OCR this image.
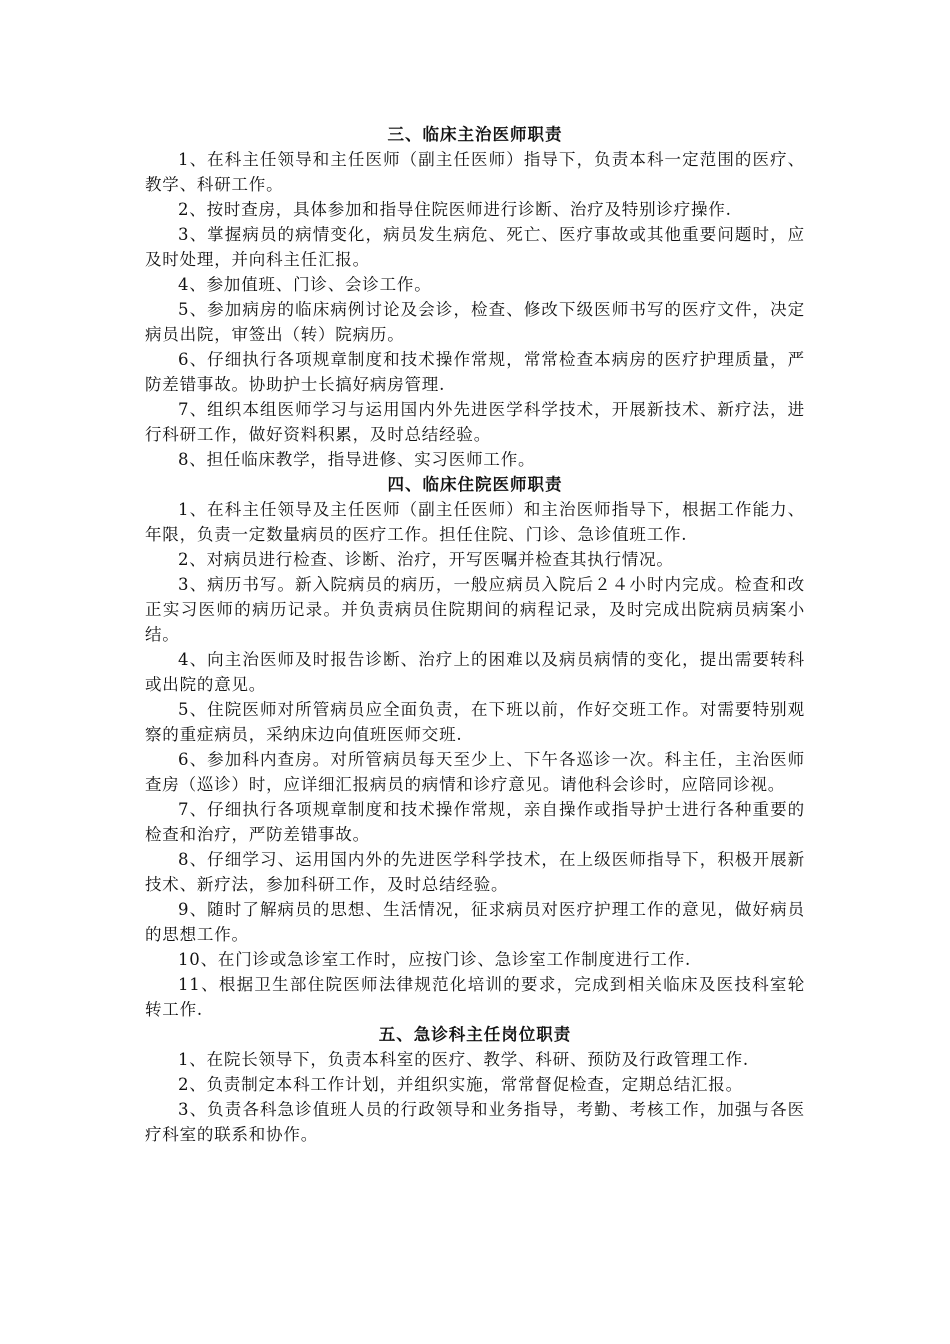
三、临床主治医师职责

1、在科主任领导和主任医师（副主任医师）指导下，负责本科一定范围的医疗、教学、科研工作。

2、按时查房，具体参加和指导住院医师进行诊断、治疗及特别诊疗操作.

3、掌握病员的病情变化，病员发生病危、死亡、医疗事故或其他重要问题时，应及时处理，并向科主任汇报。

4、参加值班、门诊、会诊工作。

5、参加病房的临床病例讨论及会诊，检查、修改下级医师书写的医疗文件，决定病员出院，审签出（转）院病历。

6、仔细执行各项规章制度和技术操作常规，常常检查本病房的医疗护理质量，严防差错事故。协助护士长搞好病房管理.

7、组织本组医师学习与运用国内外先进医学科学技术，开展新技术、新疗法，进行科研工作，做好资料积累，及时总结经验。

8、担任临床教学，指导进修、实习医师工作。

四、临床住院医师职责

1、在科主任领导及主任医师（副主任医师）和主治医师指导下，根据工作能力、年限，负责一定数量病员的医疗工作。担任住院、门诊、急诊值班工作.

2、对病员进行检查、诊断、治疗，开写医嘱并检查其执行情况。

3、病历书写。新入院病员的病历，一般应病员入院后２４小时内完成。检查和改正实习医师的病历记录。并负责病员住院期间的病程记录，及时完成出院病员病案小结。

4、向主治医师及时报告诊断、治疗上的困难以及病员病情的变化，提出需要转科或出院的意见。

5、住院医师对所管病员应全面负责，在下班以前，作好交班工作。对需要特别观察的重症病员，采纳床边向值班医师交班.

6、参加科内查房。对所管病员每天至少上、下午各巡诊一次。科主任，主治医师查房（巡诊）时，应详细汇报病员的病情和诊疗意见。请他科会诊时，应陪同诊视。

7、仔细执行各项规章制度和技术操作常规，亲自操作或指导护士进行各种重要的检查和治疗，严防差错事故。

8、仔细学习、运用国内外的先进医学科学技术，在上级医师指导下，积极开展新技术、新疗法，参加科研工作，及时总结经验。

9、随时了解病员的思想、生活情况，征求病员对医疗护理工作的意见，做好病员的思想工作。

10、在门诊或急诊室工作时，应按门诊、急诊室工作制度进行工作.

11、根据卫生部住院医师法律规范化培训的要求，完成到相关临床及医技科室轮转工作.

五、急诊科主任岗位职责

1、在院长领导下，负责本科室的医疗、教学、科研、预防及行政管理工作.

2、负责制定本科工作计划，并组织实施，常常督促检查，定期总结汇报。

3、负责各科急诊值班人员的行政领导和业务指导，考勤、考核工作，加强与各医疗科室的联系和协作。
